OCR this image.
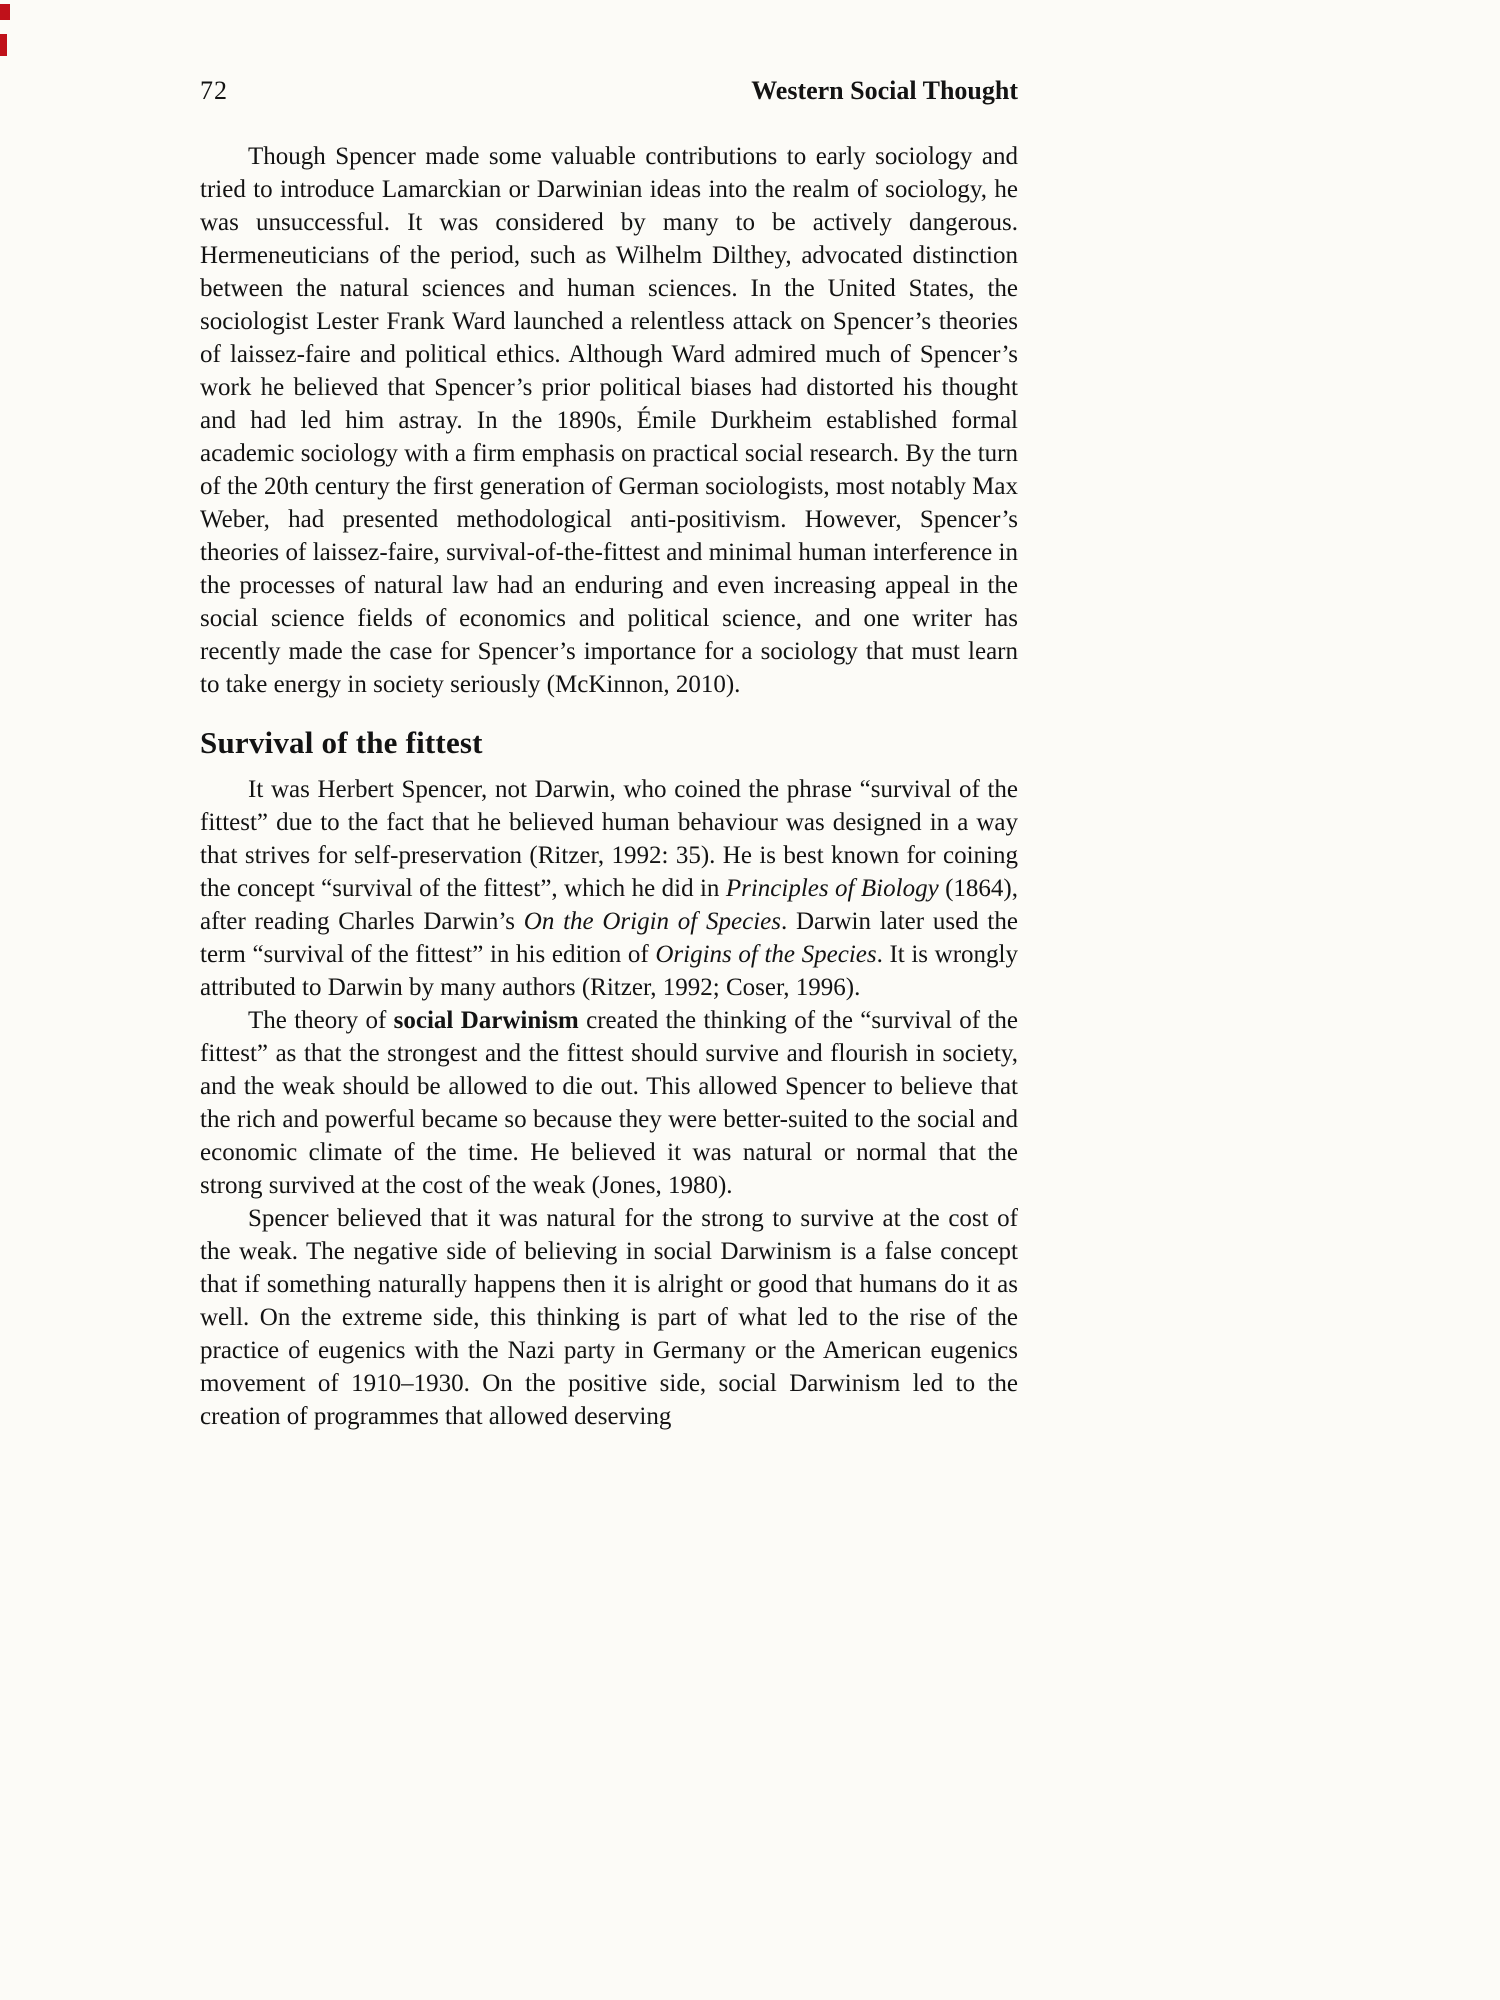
72	Western Social Thought

Though Spencer made some valuable contributions to early sociology and tried to introduce Lamarckian or Darwinian ideas into the realm of sociology, he was unsuccessful. It was considered by many to be actively dangerous. Hermeneuticians of the period, such as Wilhelm Dilthey, advocated distinction between the natural sciences and human sciences. In the United States, the sociologist Lester Frank Ward launched a relentless attack on Spencer’s theories of laissez-faire and political ethics. Although Ward admired much of Spencer’s work he believed that Spencer’s prior political biases had distorted his thought and had led him astray. In the 1890s, Émile Durkheim established formal academic sociology with a firm emphasis on practical social research. By the turn of the 20th century the first generation of German sociologists, most notably Max Weber, had presented methodological anti-positivism. However, Spencer’s theories of laissez-faire, survival-of-the-fittest and minimal human interference in the processes of natural law had an enduring and even increasing appeal in the social science fields of economics and political science, and one writer has recently made the case for Spencer’s importance for a sociology that must learn to take energy in society seriously (McKinnon, 2010).

Survival of the fittest

It was Herbert Spencer, not Darwin, who coined the phrase “survival of the fittest” due to the fact that he believed human behaviour was designed in a way that strives for self-preservation (Ritzer, 1992: 35). He is best known for coining the concept “survival of the fittest”, which he did in Principles of Biology (1864), after reading Charles Darwin’s On the Origin of Species. Darwin later used the term “survival of the fittest” in his edition of Origins of the Species. It is wrongly attributed to Darwin by many authors (Ritzer, 1992; Coser, 1996).

The theory of social Darwinism created the thinking of the “survival of the fittest” as that the strongest and the fittest should survive and flourish in society, and the weak should be allowed to die out. This allowed Spencer to believe that the rich and powerful became so because they were better-suited to the social and economic climate of the time. He believed it was natural or normal that the strong survived at the cost of the weak (Jones, 1980).

Spencer believed that it was natural for the strong to survive at the cost of the weak. The negative side of believing in social Darwinism is a false concept that if something naturally happens then it is alright or good that humans do it as well. On the extreme side, this thinking is part of what led to the rise of the practice of eugenics with the Nazi party in Germany or the American eugenics movement of 1910–1930. On the positive side, social Darwinism led to the creation of programmes that allowed deserving
